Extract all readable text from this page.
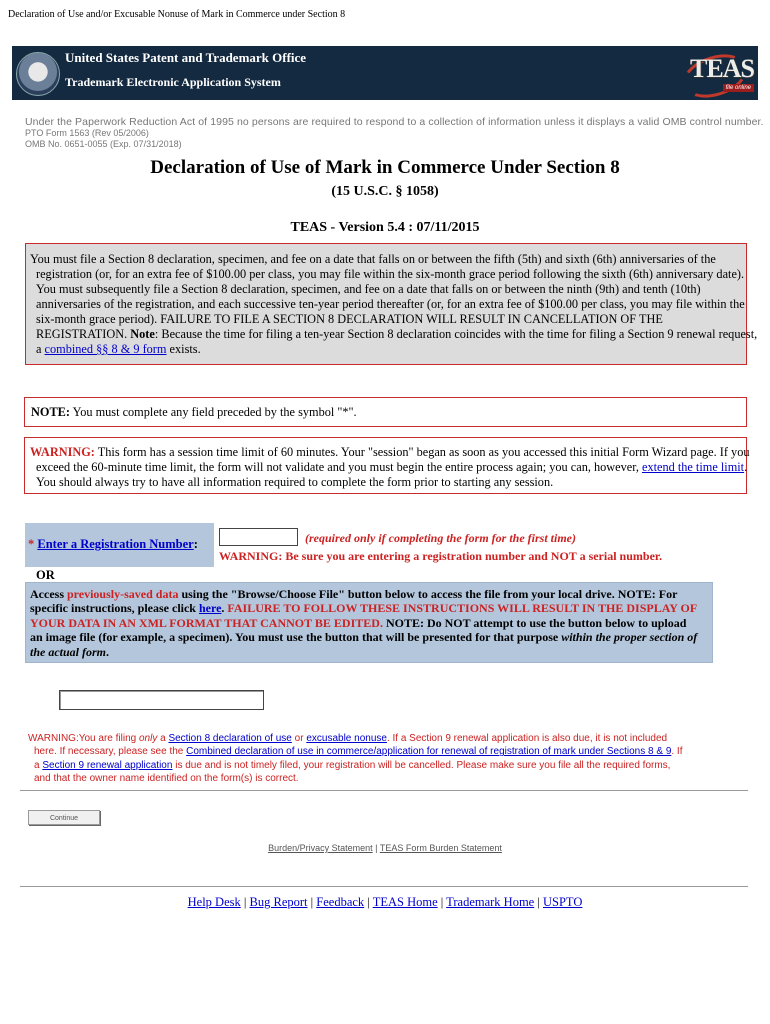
Declaration of Use and/or Excusable Nonuse of Mark in Commerce under Section 8
United States Patent and Trademark Office
Trademark Electronic Application System	TEAS
file online
Under the Paperwork Reduction Act of 1995 no persons are required to respond to a collection of information unless it displays a valid OMB control number.
PTO Form 1563 (Rev 05/2006)
OMB No. 0651-0055 (Exp. 07/31/2018)
Declaration of Use of Mark in Commerce Under Section 8
(15 U.S.C. § 1058)
TEAS - Version 5.4 : 07/11/2015
You must file a Section 8 declaration, specimen, and fee on a date that falls on or between the fifth (5th) and sixth (6th) anniversaries of the
registration (or, for an extra fee of $100.00 per class, you may file within the six-month grace period following the sixth (6th) anniversary date).
You must subsequently file a Section 8 declaration, specimen, and fee on a date that falls on or between the ninth (9th) and tenth (10th)
anniversaries of the registration, and each successive ten-year period thereafter (or, for an extra fee of $100.00 per class, you may file within the
six-month grace period). FAILURE TO FILE A SECTION 8 DECLARATION WILL RESULT IN CANCELLATION OF THE
REGISTRATION. Note: Because the time for filing a ten-year Section 8 declaration coincides with the time for filing a Section 9 renewal request,
a combined §§ 8 & 9 form exists.
NOTE: You must complete any field preceded by the symbol "*".
WARNING: This form has a session time limit of 60 minutes. Your "session" began as soon as you accessed this initial Form Wizard page. If you
exceed the 60-minute time limit, the form will not validate and you must begin the entire process again; you can, however, extend the time limit.
You should always try to have all information required to complete the form prior to starting any session.
* Enter a Registration Number:	(required only if completing the form for the first time)
WARNING: Be sure you are entering a registration number and NOT a serial number.
OR
Access previously-saved data using the "Browse/Choose File" button below to access the file from your local drive. NOTE: For
specific instructions, please click here. FAILURE TO FOLLOW THESE INSTRUCTIONS WILL RESULT IN THE DISPLAY OF
YOUR DATA IN AN XML FORMAT THAT CANNOT BE EDITED. NOTE: Do NOT attempt to use the button below to upload
an image file (for example, a specimen). You must use the button that will be presented for that purpose within the proper section of
the actual form.
WARNING:You are filing only a Section 8 declaration of use or excusable nonuse. If a Section 9 renewal application is also due, it is not included
here. If necessary, please see the Combined declaration of use in commerce/application for renewal of registration of mark under Sections 8 & 9. If
a Section 9 renewal application is due and is not timely filed, your registration will be cancelled. Please make sure you file all the required forms,
and that the owner name identified on the form(s) is correct.
Continue
Burden/Privacy Statement | TEAS Form Burden Statement
Help Desk | Bug Report | Feedback | TEAS Home | Trademark Home | USPTO
